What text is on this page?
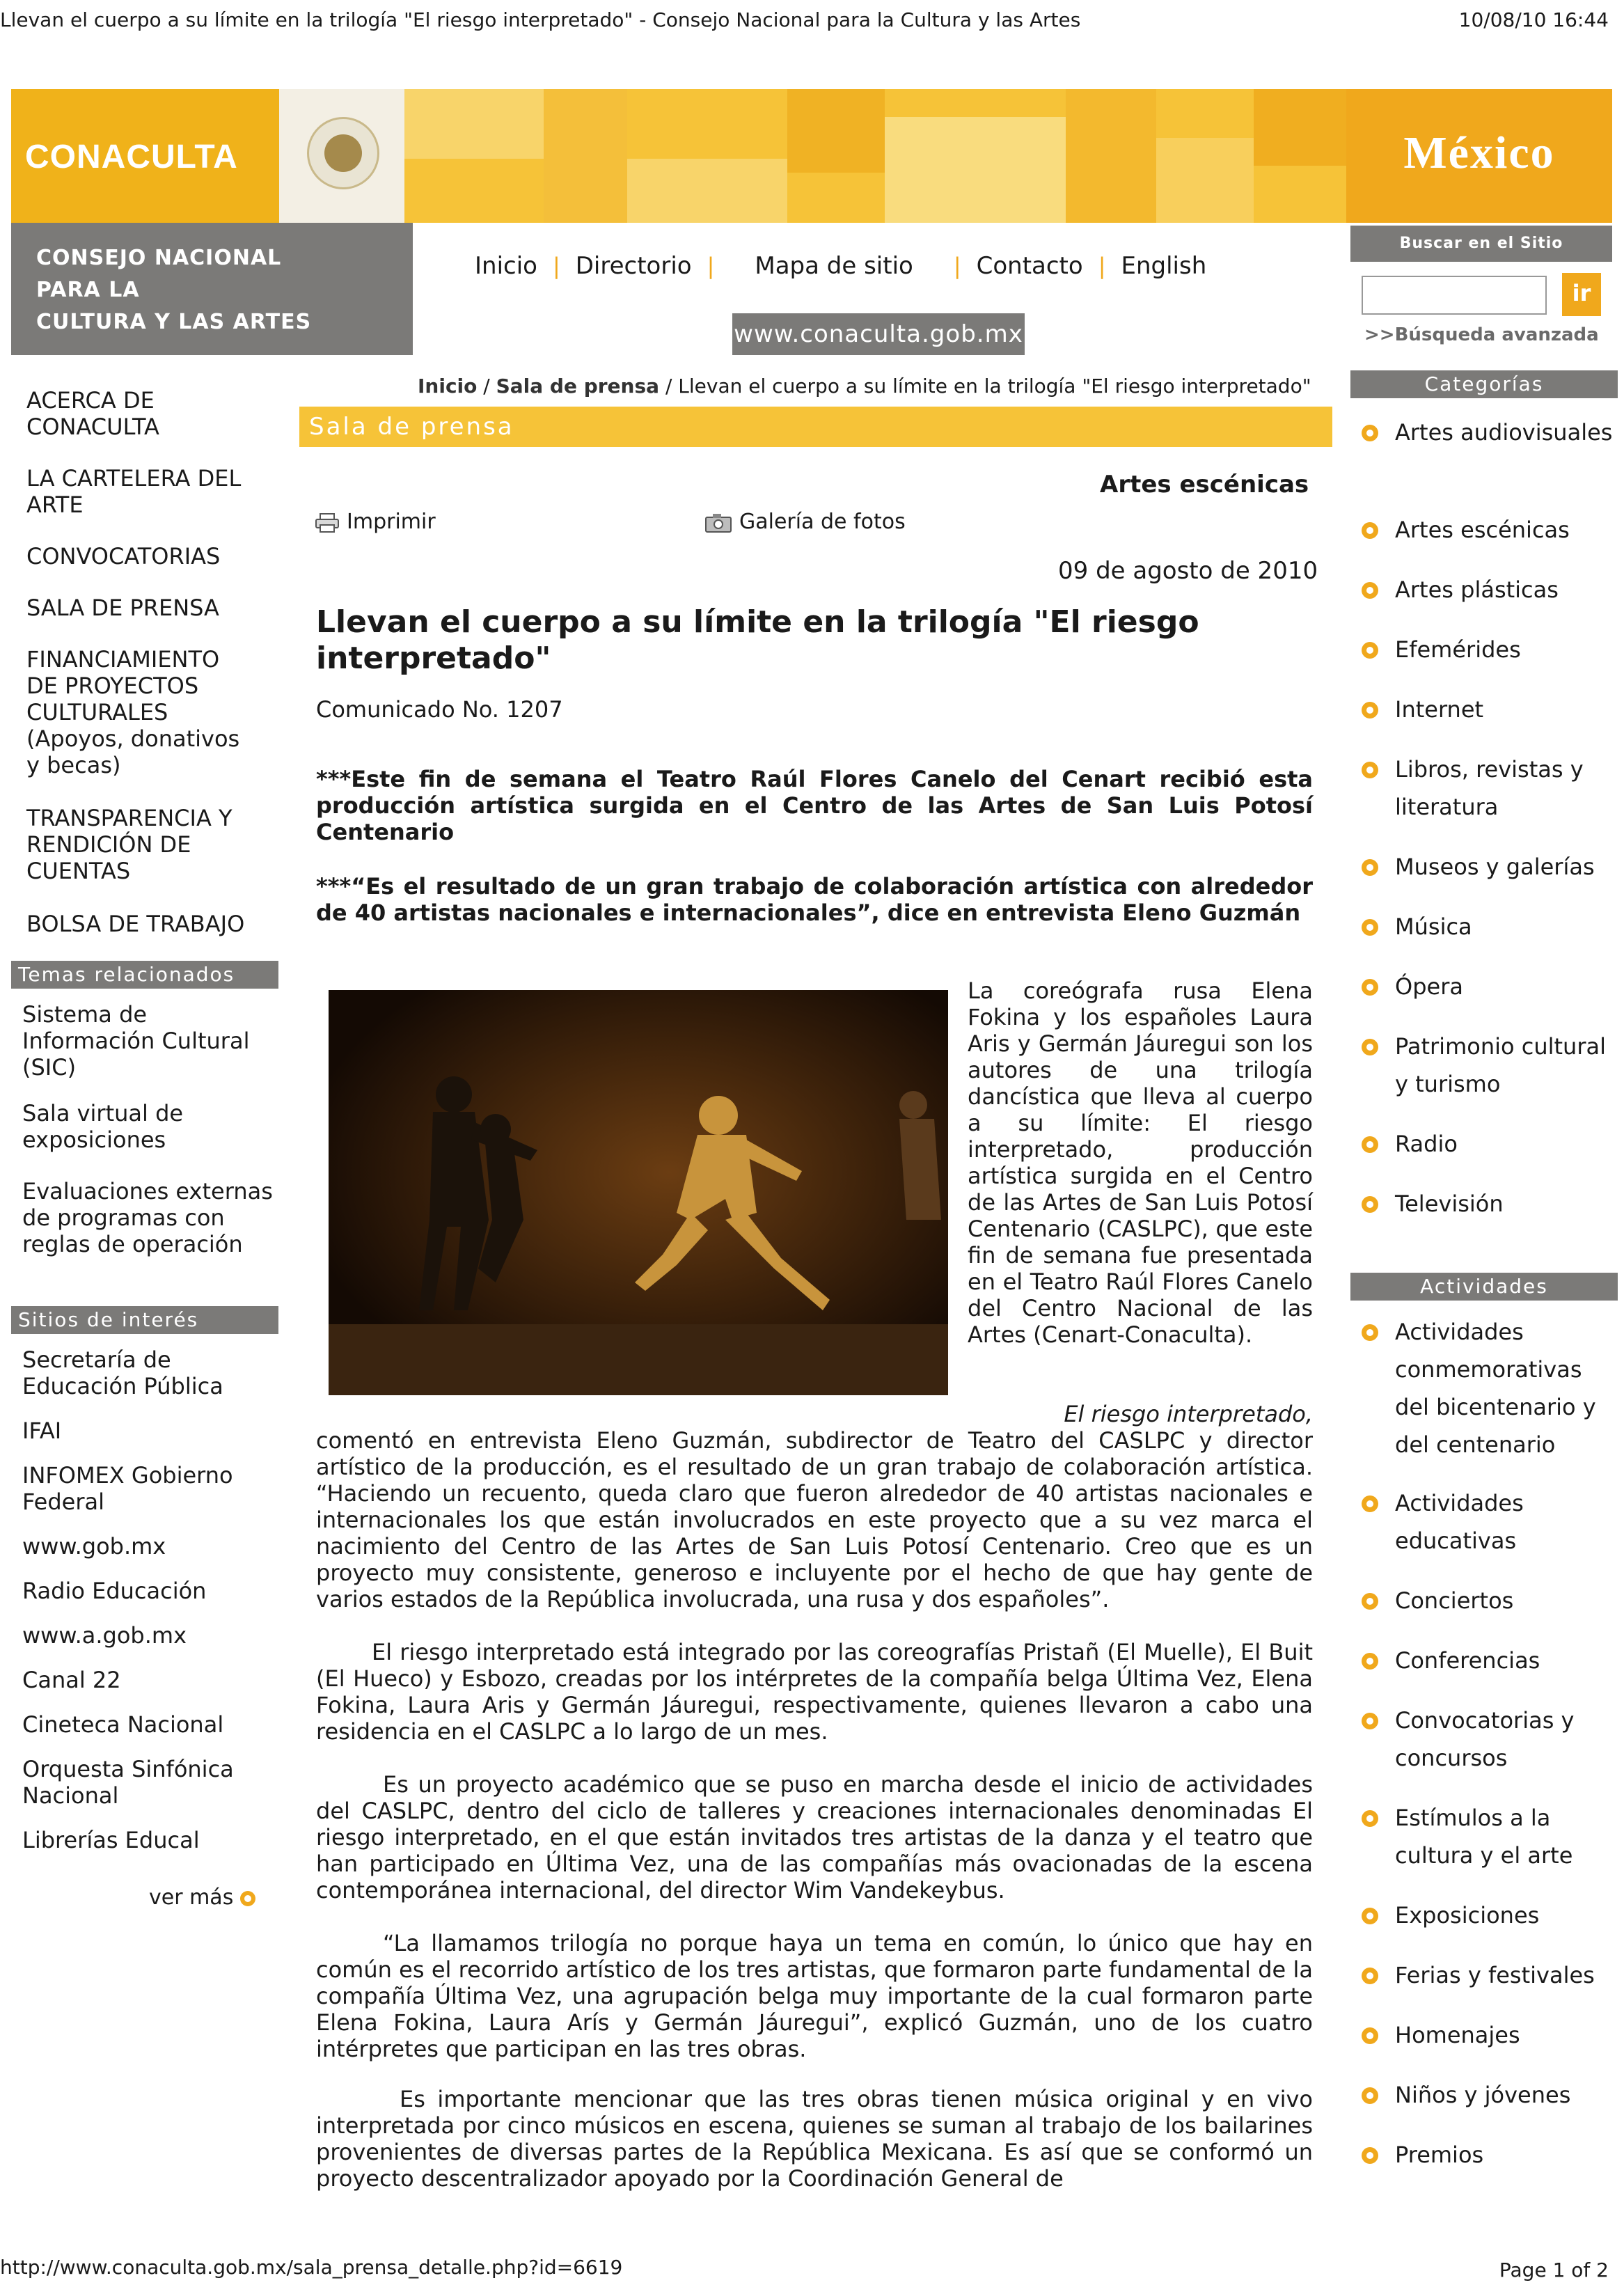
Llevan el cuerpo a su límite en la trilogía "El riesgo interpretado" - Consejo Nacional para la Cultura y las Artes	10/08/10 16:44
CONACULTA	México
CONSEJO NACIONAL
PARA LA
CULTURA Y LAS ARTES
Inicio | Directorio |	Mapa de sitio	| Contacto | English
www.conaculta.gob.mx
Buscar en el Sitio
ir
>>Búsqueda avanzada
ACERCA DE CONACULTA
LA CARTELERA DEL ARTE
CONVOCATORIAS
SALA DE PRENSA
FINANCIAMIENTO DE PROYECTOS CULTURALES (Apoyos, donativos y becas)
TRANSPARENCIA Y RENDICIÓN DE CUENTAS
BOLSA DE TRABAJO
Temas relacionados
Sistema de Información Cultural (SIC)
Sala virtual de exposiciones
Evaluaciones externas de programas con reglas de operación
Sitios de interés
Secretaría de Educación Pública
IFAI
INFOMEX Gobierno Federal
www.gob.mx
Radio Educación
www.a.gob.mx
Canal 22
Cineteca Nacional
Orquesta Sinfónica Nacional
Librerías Educal
ver más
Inicio / Sala de prensa / Llevan el cuerpo a su límite en la trilogía "El riesgo interpretado"
Sala de prensa
Artes escénicas
Imprimir	Galería de fotos
09 de agosto de 2010
Llevan el cuerpo a su límite en la trilogía "El riesgo interpretado"
Comunicado No. 1207
***Este fin de semana el Teatro Raúl Flores Canelo del Cenart recibió esta producción artística surgida en el Centro de las Artes de San Luis Potosí Centenario
***“Es el resultado de un gran trabajo de colaboración artística con alrededor de 40 artistas nacionales e internacionales”, dice en entrevista Eleno Guzmán
La coreógrafa rusa Elena Fokina y los españoles Laura Aris y Germán Jáuregui son los autores de una trilogía dancística que lleva al cuerpo a su límite: El riesgo interpretado, producción artística surgida en el Centro de las Artes de San Luis Potosí Centenario (CASLPC), que este fin de semana fue presentada en el Teatro Raúl Flores Canelo del Centro Nacional de las Artes (Cenart-Conaculta).
El riesgo interpretado,
comentó en entrevista Eleno Guzmán, subdirector de Teatro del CASLPC y director artístico de la producción, es el resultado de un gran trabajo de colaboración artística. “Haciendo un recuento, queda claro que fueron alrededor de 40 artistas nacionales e internacionales los que están involucrados en este proyecto que a su vez marca el nacimiento del Centro de las Artes de San Luis Potosí Centenario. Creo que es un proyecto muy consistente, generoso e incluyente por el hecho de que hay gente de varios estados de la República involucrada, una rusa y dos españoles”.
El riesgo interpretado está integrado por las coreografías Pristañ (El Muelle), El Buit (El Hueco) y Esbozo, creadas por los intérpretes de la compañía belga Última Vez, Elena Fokina, Laura Aris y Germán Jáuregui, respectivamente, quienes llevaron a cabo una residencia en el CASLPC a lo largo de un mes.
Es un proyecto académico que se puso en marcha desde el inicio de actividades del CASLPC, dentro del ciclo de talleres y creaciones internacionales denominadas El riesgo interpretado, en el que están invitados tres artistas de la danza y el teatro que han participado en Última Vez, una de las compañías más ovacionadas de la escena contemporánea internacional, del director Wim Vandekeybus.
“La llamamos trilogía no porque haya un tema en común, lo único que hay en común es el recorrido artístico de los tres artistas, que formaron parte fundamental de la compañía Última Vez, una agrupación belga muy importante de la cual formaron parte Elena Fokina, Laura Arís y Germán Jáuregui”, explicó Guzmán, uno de los cuatro intérpretes que participan en las tres obras.
Es importante mencionar que las tres obras tienen música original y en vivo interpretada por cinco músicos en escena, quienes se suman al trabajo de los bailarines provenientes de diversas partes de la República Mexicana. Es así que se conformó un proyecto descentralizador apoyado por la Coordinación General de
Categorías
Artes audiovisuales
Artes escénicas
Artes plásticas
Efemérides
Internet
Libros, revistas y literatura
Museos y galerías
Música
Ópera
Patrimonio cultural y turismo
Radio
Televisión
Actividades
Actividades conmemorativas del bicentenario y del centenario
Actividades educativas
Conciertos
Conferencias
Convocatorias y concursos
Estímulos a la cultura y el arte
Exposiciones
Ferias y festivales
Homenajes
Niños y jóvenes
Premios
http://www.conaculta.gob.mx/sala_prensa_detalle.php?id=6619	Page 1 of 2
